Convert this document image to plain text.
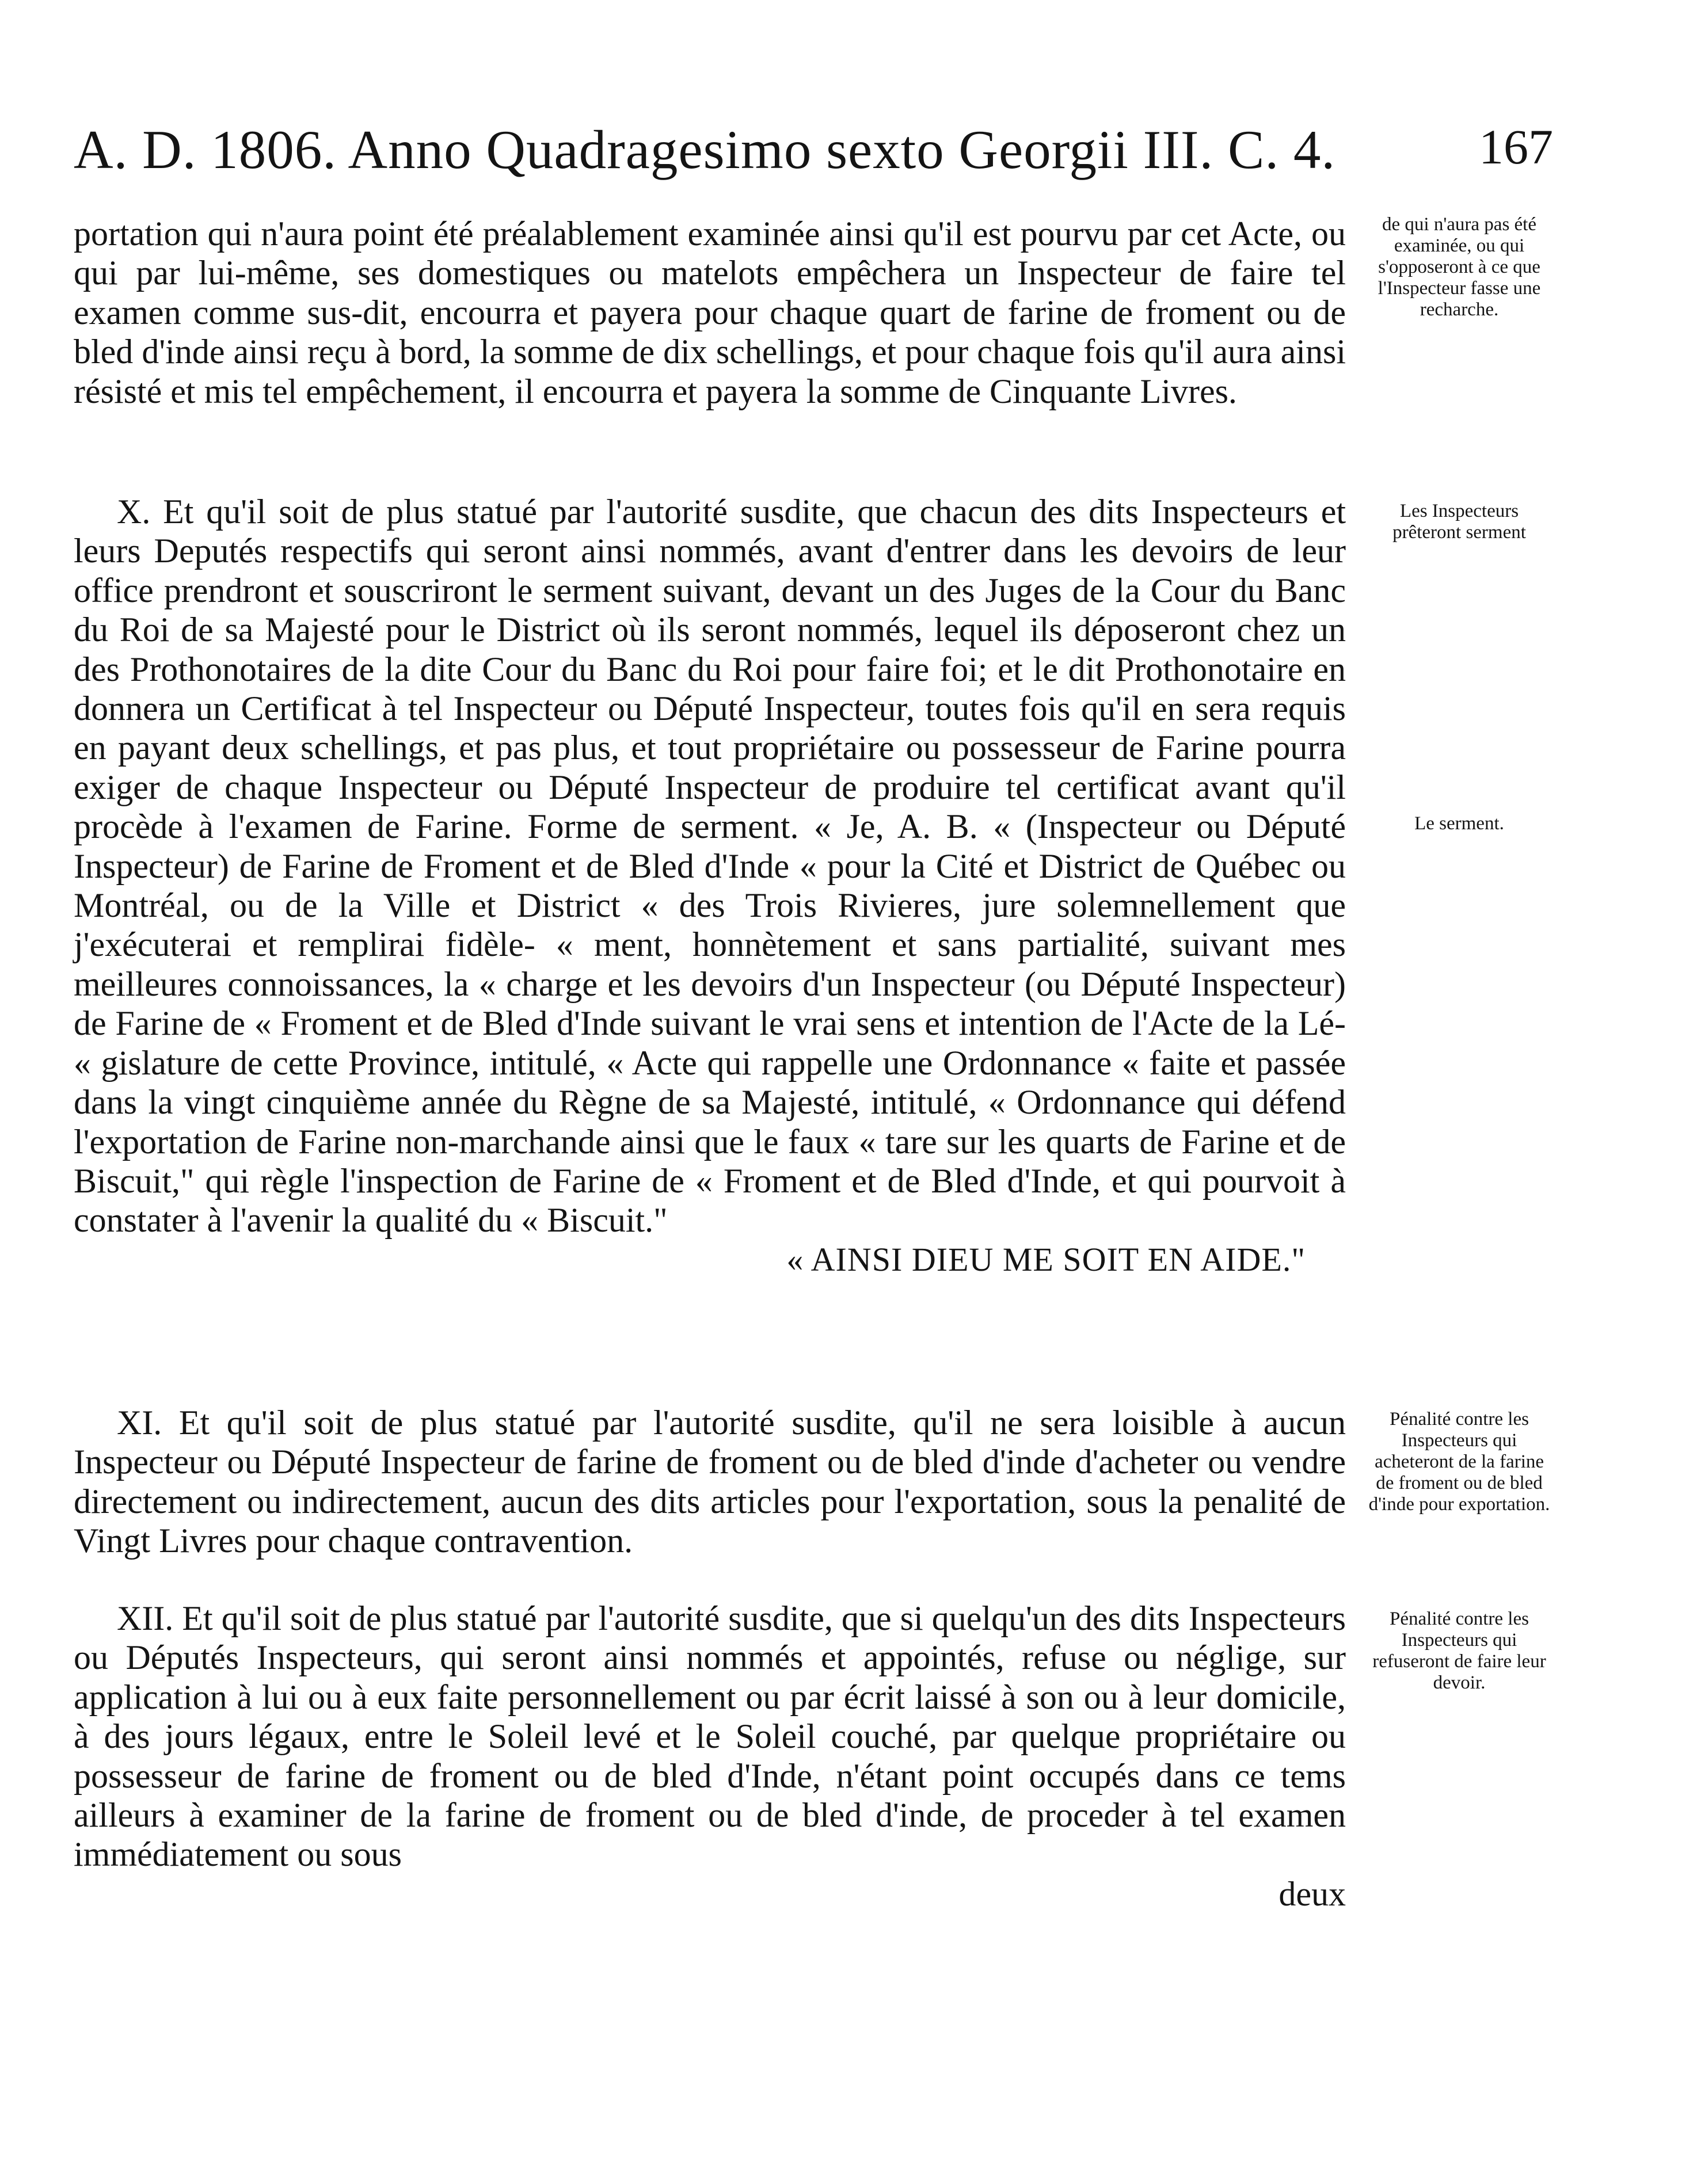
A. D. 1806. Anno Quadragesimo sexto Georgii III. C. 4.	167

portation qui n'aura point été préalablement examinée ainsi qu'il est pourvu par cet Acte, ou qui par lui-même, ses domestiques ou matelots empêchera un Inspecteur de faire tel examen comme sus-dit, encourra et payera pour chaque quart de farine de froment ou de bled d'inde ainsi reçu à bord, la somme de dix schellings, et pour chaque fois qu'il aura ainsi résisté et mis tel empêchement, il encourra et payera la somme de Cinquante Livres.

X. Et qu'il soit de plus statué par l'autorité susdite, que chacun des dits Inspecteurs et leurs Deputés respectifs qui seront ainsi nommés, avant d'entrer dans les devoirs de leur office prendront et souscriront le serment suivant, devant un des Juges de la Cour du Banc du Roi de sa Majesté pour le District où ils seront nommés, lequel ils déposeront chez un des Prothonotaires de la dite Cour du Banc du Roi pour faire foi; et le dit Prothonotaire en donnera un Certificat à tel Inspecteur ou Député Inspecteur, toutes fois qu'il en sera requis en payant deux schellings, et pas plus, et tout propriétaire ou possesseur de Farine pourra exiger de chaque Inspecteur ou Député Inspecteur de produire tel certificat avant qu'il procède à l'examen de Farine. Forme de serment. « Je, A. B. « (Inspecteur ou Député Inspecteur) de Farine de Froment et de Bled d'Inde « pour la Cité et District de Québec ou Montréal, ou de la Ville et District « des Trois Rivieres, jure solemnellement que j'exécuterai et remplirai fidèle- « ment, honnètement et sans partialité, suivant mes meilleures connoissances, la « charge et les devoirs d'un Inspecteur (ou Député Inspecteur) de Farine de « Froment et de Bled d'Inde suivant le vrai sens et intention de l'Acte de la Lé- « gislature de cette Province, intitulé, « Acte qui rappelle une Ordonnance « faite et passée dans la vingt cinquième année du Règne de sa Majesté, intitulé, « Ordonnance qui défend l'exportation de Farine non-marchande ainsi que le faux « tare sur les quarts de Farine et de Biscuit," qui règle l'inspection de Farine de « Froment et de Bled d'Inde, et qui pourvoit à constater à l'avenir la qualité du « Biscuit."

« AINSI DIEU ME SOIT EN AIDE."

XI. Et qu'il soit de plus statué par l'autorité susdite, qu'il ne sera loisible à aucun Inspecteur ou Député Inspecteur de farine de froment ou de bled d'inde d'acheter ou vendre directement ou indirectement, aucun des dits articles pour l'exportation, sous la penalité de Vingt Livres pour chaque contravention.

XII. Et qu'il soit de plus statué par l'autorité susdite, que si quelqu'un des dits Inspecteurs ou Députés Inspecteurs, qui seront ainsi nommés et appointés, refuse ou néglige, sur application à lui ou à eux faite personnellement ou par écrit laissé à son ou à leur domicile, à des jours légaux, entre le Soleil levé et le Soleil couché, par quelque propriétaire ou possesseur de farine de froment ou de bled d'Inde, n'étant point occupés dans ce tems ailleurs à examiner de la farine de froment ou de bled d'inde, de proceder à tel examen immédiatement ou sous

deux

de qui n'aura pas été examinée, ou qui s'opposeront à ce que l'Inspecteur fasse une recharche.
Les Inspecteurs prêteront serment
Le serment.
Pénalité contre les Inspecteurs qui acheteront de la farine de froment ou de bled d'inde pour exportation.
Pénalité contre les Inspecteurs qui refuseront de faire leur devoir.
